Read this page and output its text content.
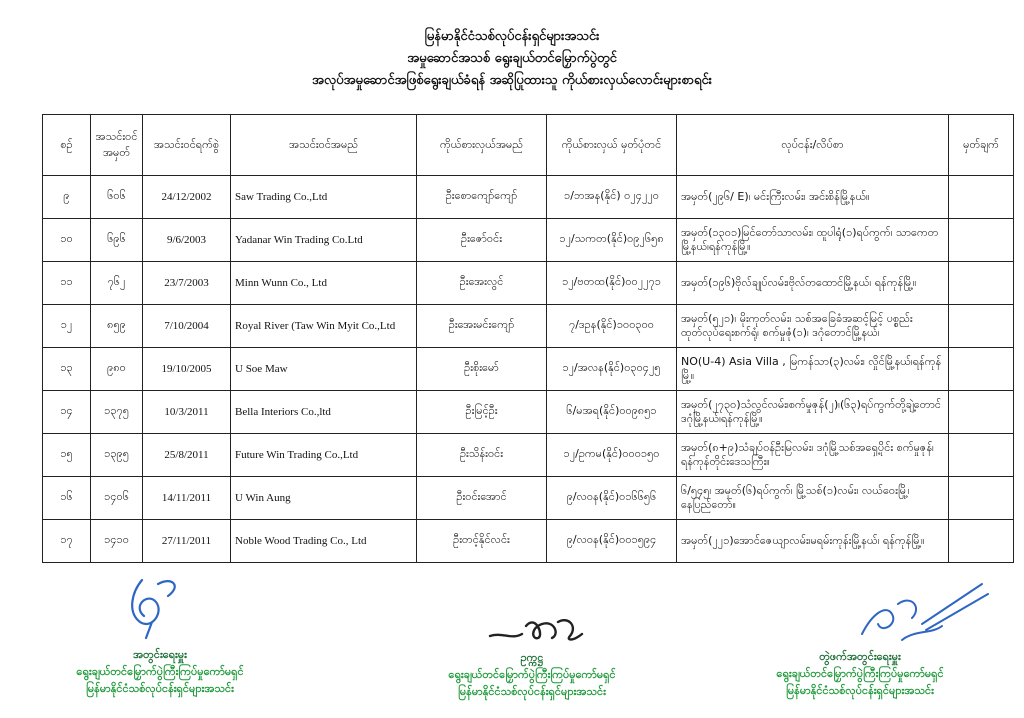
မြန်မာနိုင်ငံသစ်လုပ်ငန်းရှင်များအသင်း
အမှုဆောင်အသစ် ရွေးချယ်တင်မြှောက်ပွဲတွင်
အလုပ်အမှုဆောင်အဖြစ်ရွေးချယ်ခံရန် အဆိုပြုထားသူ ကိုယ်စားလှယ်လောင်းများစာရင်း
စဉ်	အသင်းဝင်အမှတ်	အသင်းဝင်ရက်စွဲ	အသင်းဝင်အမည်	ကိုယ်စားလှယ်အမည်	ကိုယ်စားလှယ် မှတ်ပုံတင်	လုပ်ငန်း/လိပ်စာ	မှတ်ချက်
၉	၆၀၆	24/12/2002	Saw Trading Co.,Ltd	ဦးစောကျော်ကျော်	၁/ဘအန(နိုင်) ၀၂၄၂၂၀	အမှတ်(၂၉၆/ E)၊ မင်းကြီးလမ်း၊ အင်းစိန်မြို့နယ်။	
၁၀	၆၉၆	9/6/2003	Yadanar Win Trading Co.Ltd	ဦးဇော်ဝင်း	၁၂/သကတ(နိုင်)၀၉၂၆၅၈	အမှတ်(၁၃၀၁)မြင်တော်သာလမ်း၊ ထူပါရုံ(၁)ရပ်ကွက်၊ သာကေတမြို့နယ်၊ရန်ကုန်မြို့။	
၁၁	၇၆၂	23/7/2003	Minn Wunn Co., Ltd	ဦးအေးလွင်	၁၂/ဗတထ(နိုင်)၀၀၂၂၇၁	အမှတ်(၁၉၆)ဗိုလ်ချုပ်လမ်း၊ဗိုလ်တထောင်မြို့နယ်၊ ရန်ကုန်မြို့။	
၁၂	၈၅၉	7/10/2004	Royal River (Taw Win Myit Co.,Ltd	ဦးအေးမင်းကျော်	၇/ဒဥန(နိုင်)၁၀၀၃၀၀	အမှတ်(၅၂၁)၊ မိုးကုတ်လမ်း၊ သစ်အခြေခံအဆင့်မြင့် ပစ္စည်းထုတ်လုပ်ရေးစက်ရုံ၊ စက်မှုဇုံ(၁)၊ ဒဂုံတောင်မြို့နယ်၊	
၁၃	၉၈၀	19/10/2005	U Soe Maw	ဦးစိုးမော်	၁၂/အလန(နိုင်)၀၃၀၄၂၅	NO(U-4) Asia Villa , မြကန်သာ(၃)လမ်း၊ လှိုင်မြို့နယ်၊ရန်ကုန်မြို့။	
၁၄	၁၃၇၅	10/3/2011	Bella Interiors Co.,ltd	ဦးမြင့်ဦး	၆/မအရ(နိုင်)၀၀၉၈၅၁	အမှတ်(၂၇၃၀)သံလွင်လမ်း၊စက်မှုဇုန်(၂)၊(၆၃)ရပ်ကွက်တို့ချဲ့တောင်ဒဂုံမြို့နယ်၊ရန်ကုန်မြို့။	
၁၅	၁၃၉၅	25/8/2011	Future Win Trading Co.,Ltd	ဦးသိန်းဝင်း	၁၂/ဥကမ(နိုင်)၀၀၀၁၅၀	အမှတ်(၈+၉)သံချပ်ဝန်ဦးမြလမ်း၊ ဒဂုံမြို့သစ်အရှေ့ပိုင်း စက်မှုဇုန်၊ ရန်ကုန်တိုင်းဒေသကြီး။	
၁၆	၁၄၀၆	14/11/2011	U Win Aung	ဦးဝင်းအောင်	၉/လဝန(နိုင်)၀၁၆၆၅၆	၆/၅၄၅၊ အမှတ်(၆)ရပ်ကွက်၊ မြို့သစ်(၁)လမ်း၊ လယ်ဝေးမြို့၊ နေပြည်တော်။	
၁၇	၁၄၁၀	27/11/2011	Noble Wood Trading Co., Ltd	ဦးတင့်နိုင်လင်း	၉/လဝန(နိုင်)၀၀၁၅၉၄	အမှတ်(၂၂၁)အောင်ဇေယျာလမ်း၊မရမ်းကုန်းမြို့နယ်၊ ရန်ကုန်မြို့။	
အတွင်းရေးမှူး
ရွေးချယ်တင်မြှောက်ပွဲကြီးကြပ်မှုကော်မရှင်
မြန်မာနိုင်ငံသစ်လုပ်ငန်းရှင်များအသင်း
ဥက္ကဋ္ဌ
ရွေးချယ်တင်မြှောက်ပွဲကြီးကြပ်မှုကော်မရှင်
မြန်မာနိုင်ငံသစ်လုပ်ငန်းရှင်များအသင်း
တွဲဖက်အတွင်းရေးမှူး
ရွေးချယ်တင်မြှောက်ပွဲကြီးကြပ်မှုကော်မရှင်
မြန်မာနိုင်ငံသစ်လုပ်ငန်းရှင်များအသင်း
